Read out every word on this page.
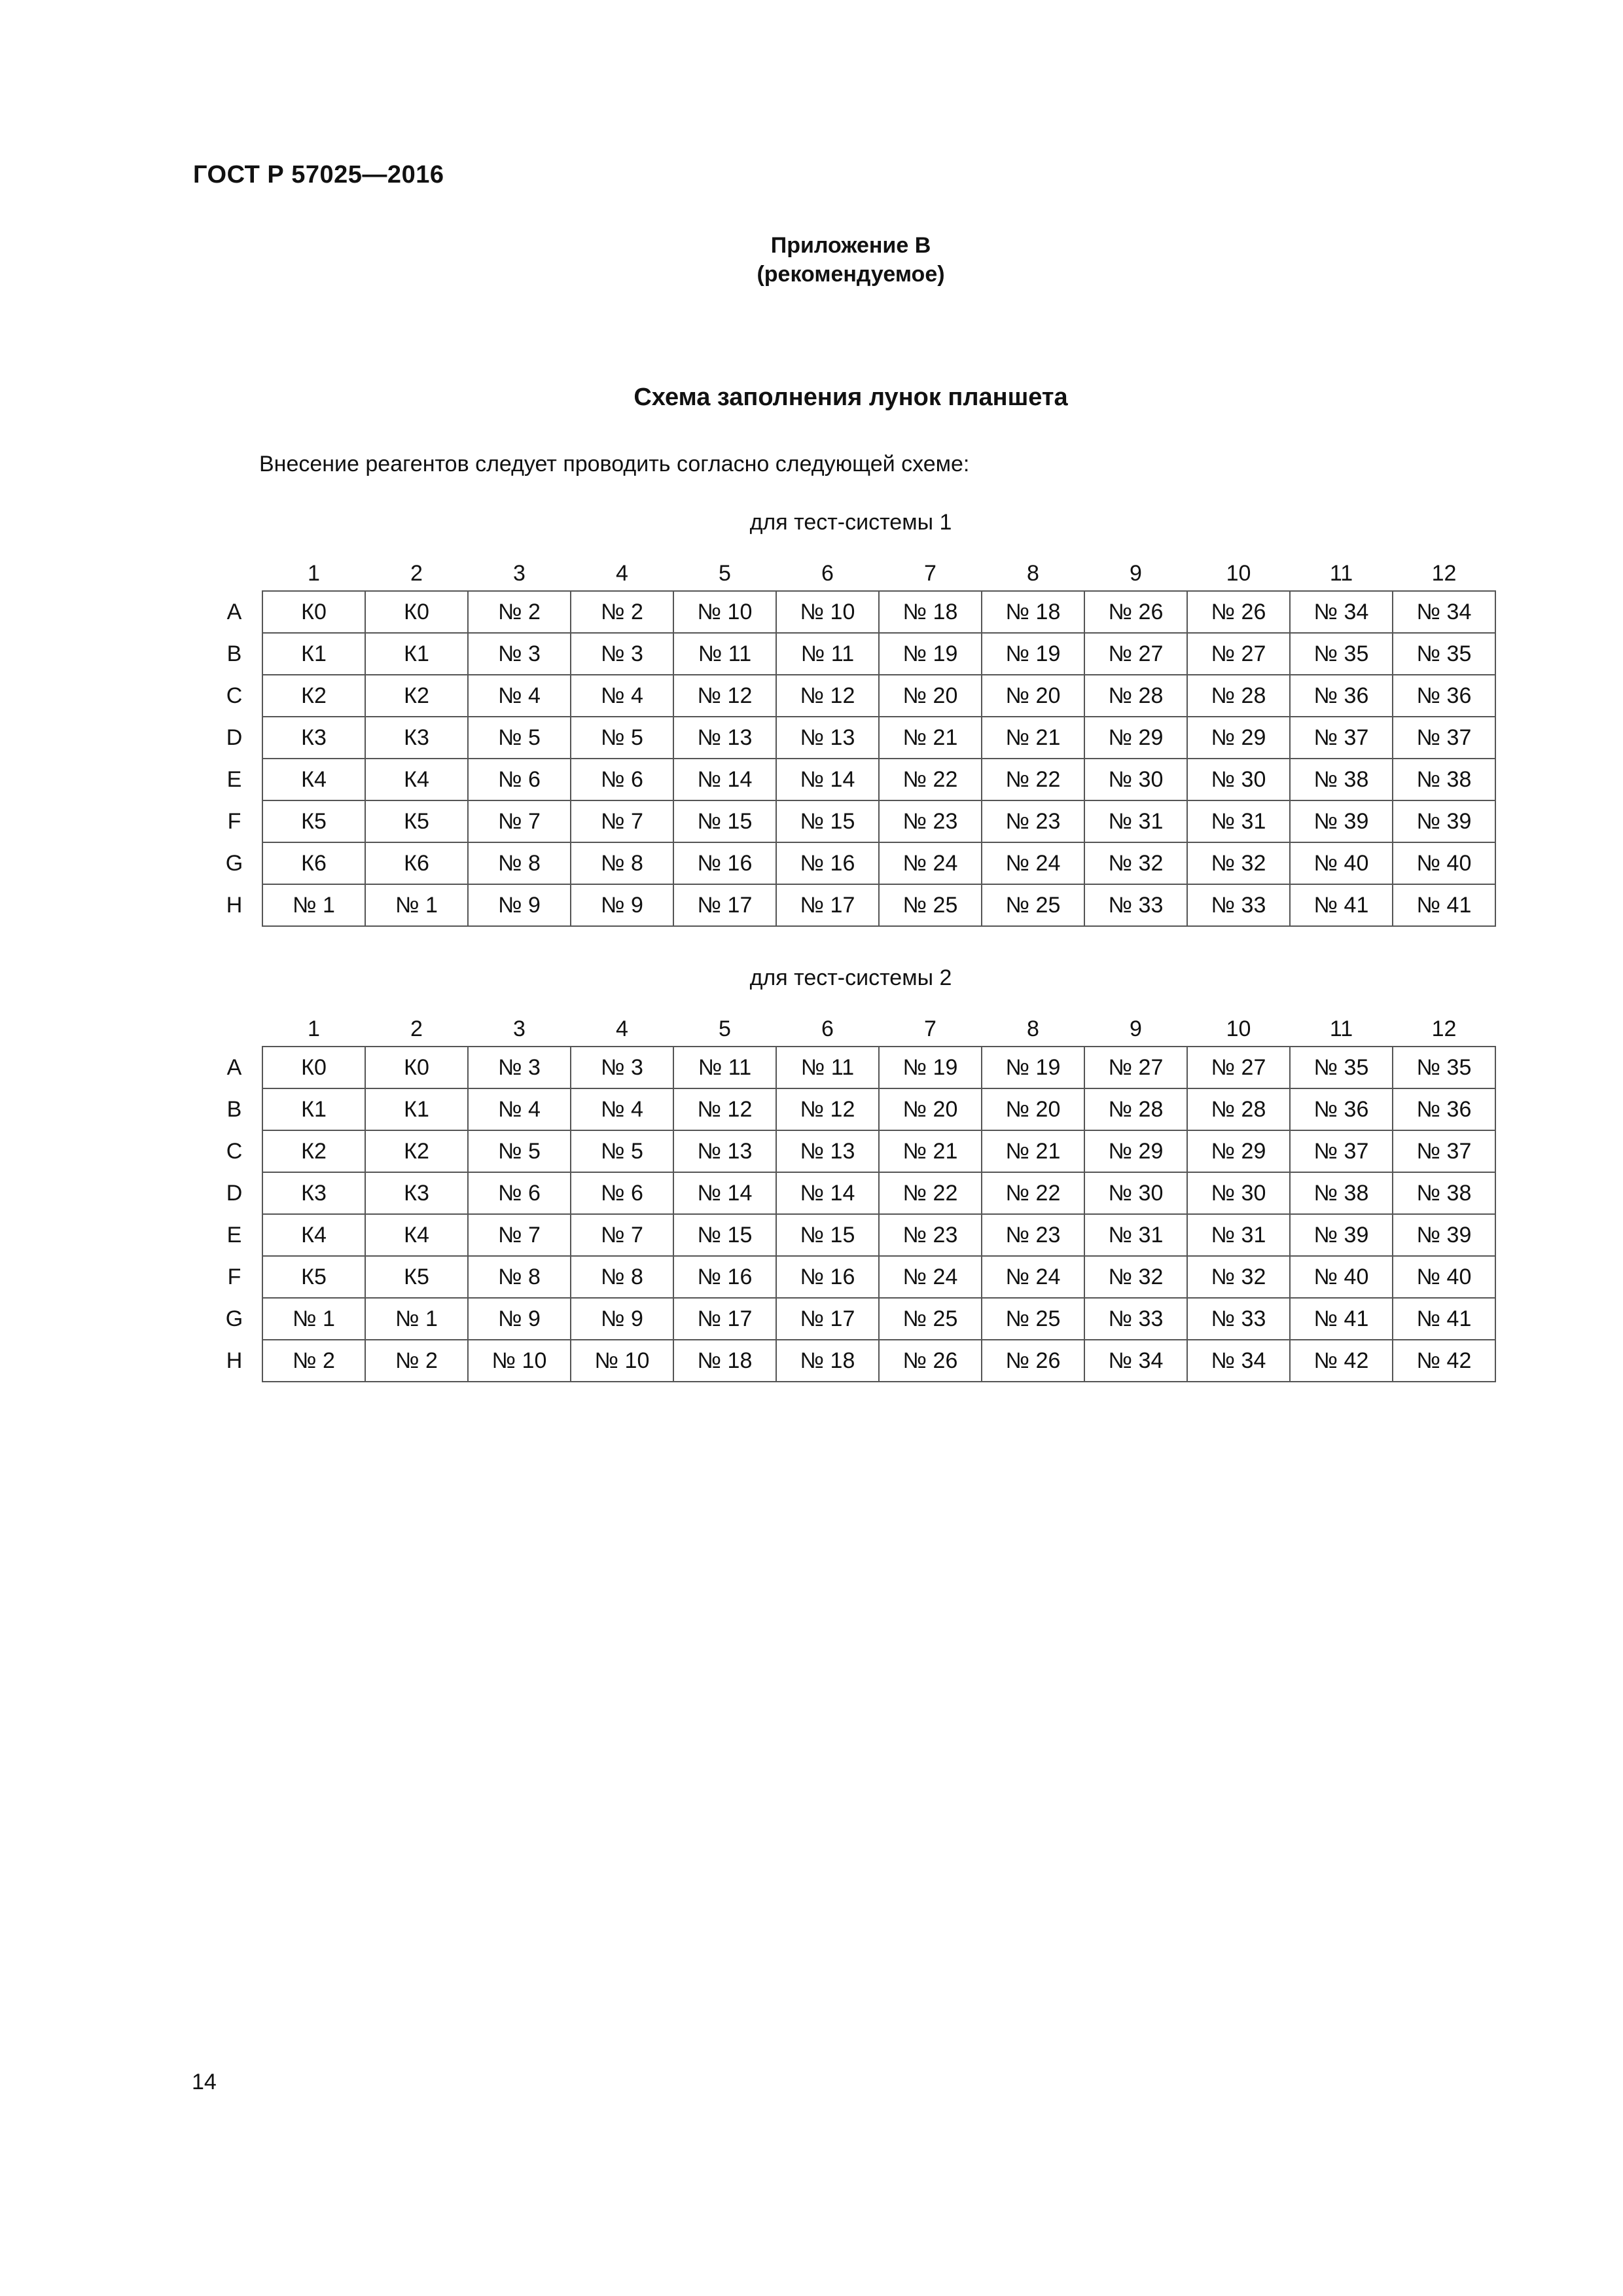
ГОСТ Р 57025—2016
Приложение В
(рекомендуемое)
Схема заполнения лунок планшета
Внесение реагентов следует проводить согласно следующей схеме:
для тест-системы 1
	1	2	3	4	5	6	7	8	9	10	11	12
A	К0	К0	№ 2	№ 2	№ 10	№ 10	№ 18	№ 18	№ 26	№ 26	№ 34	№ 34
B	К1	К1	№ 3	№ 3	№ 11	№ 11	№ 19	№ 19	№ 27	№ 27	№ 35	№ 35
C	К2	К2	№ 4	№ 4	№ 12	№ 12	№ 20	№ 20	№ 28	№ 28	№ 36	№ 36
D	К3	К3	№ 5	№ 5	№ 13	№ 13	№ 21	№ 21	№ 29	№ 29	№ 37	№ 37
E	К4	К4	№ 6	№ 6	№ 14	№ 14	№ 22	№ 22	№ 30	№ 30	№ 38	№ 38
F	К5	К5	№ 7	№ 7	№ 15	№ 15	№ 23	№ 23	№ 31	№ 31	№ 39	№ 39
G	К6	К6	№ 8	№ 8	№ 16	№ 16	№ 24	№ 24	№ 32	№ 32	№ 40	№ 40
H	№ 1	№ 1	№ 9	№ 9	№ 17	№ 17	№ 25	№ 25	№ 33	№ 33	№ 41	№ 41
для тест-системы 2
	1	2	3	4	5	6	7	8	9	10	11	12
A	К0	К0	№ 3	№ 3	№ 11	№ 11	№ 19	№ 19	№ 27	№ 27	№ 35	№ 35
B	К1	К1	№ 4	№ 4	№ 12	№ 12	№ 20	№ 20	№ 28	№ 28	№ 36	№ 36
C	К2	К2	№ 5	№ 5	№ 13	№ 13	№ 21	№ 21	№ 29	№ 29	№ 37	№ 37
D	К3	К3	№ 6	№ 6	№ 14	№ 14	№ 22	№ 22	№ 30	№ 30	№ 38	№ 38
E	К4	К4	№ 7	№ 7	№ 15	№ 15	№ 23	№ 23	№ 31	№ 31	№ 39	№ 39
F	К5	К5	№ 8	№ 8	№ 16	№ 16	№ 24	№ 24	№ 32	№ 32	№ 40	№ 40
G	№ 1	№ 1	№ 9	№ 9	№ 17	№ 17	№ 25	№ 25	№ 33	№ 33	№ 41	№ 41
H	№ 2	№ 2	№ 10	№ 10	№ 18	№ 18	№ 26	№ 26	№ 34	№ 34	№ 42	№ 42
14
